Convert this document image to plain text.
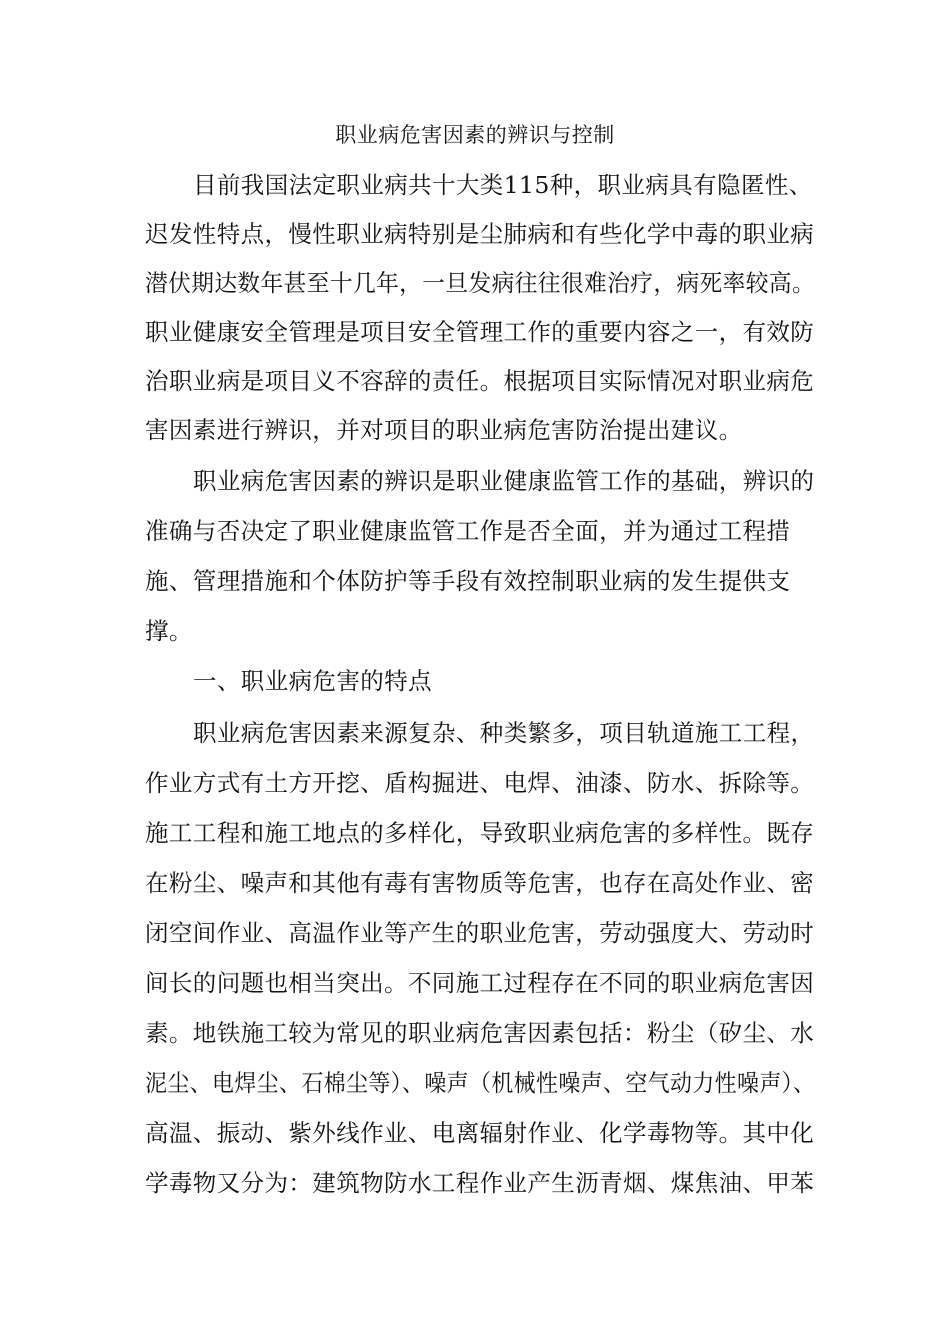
职业病危害因素的辨识与控制
目前我国法定职业病共十大类115种，职业病具有隐匿性、
迟发性特点，慢性职业病特别是尘肺病和有些化学中毒的职业病
潜伏期达数年甚至十几年，一旦发病往往很难治疗，病死率较高。
职业健康安全管理是项目安全管理工作的重要内容之一，有效防
治职业病是项目义不容辞的责任。根据项目实际情况对职业病危
害因素进行辨识，并对项目的职业病危害防治提出建议。
职业病危害因素的辨识是职业健康监管工作的基础，辨识的
准确与否决定了职业健康监管工作是否全面，并为通过工程措
施、管理措施和个体防护等手段有效控制职业病的发生提供支
撑。
一、职业病危害的特点
职业病危害因素来源复杂、种类繁多，项目轨道施工工程，
作业方式有土方开挖、盾构掘进、电焊、油漆、防水、拆除等。
施工工程和施工地点的多样化，导致职业病危害的多样性。既存
在粉尘、噪声和其他有毒有害物质等危害，也存在高处作业、密
闭空间作业、高温作业等产生的职业危害，劳动强度大、劳动时
间长的问题也相当突出。不同施工过程存在不同的职业病危害因
素。地铁施工较为常见的职业病危害因素包括：粉尘（矽尘、水
泥尘、电焊尘、石棉尘等）、噪声（机械性噪声、空气动力性噪声）、
高温、振动、紫外线作业、电离辐射作业、化学毒物等。其中化
学毒物又分为：建筑物防水工程作业产生沥青烟、煤焦油、甲苯
